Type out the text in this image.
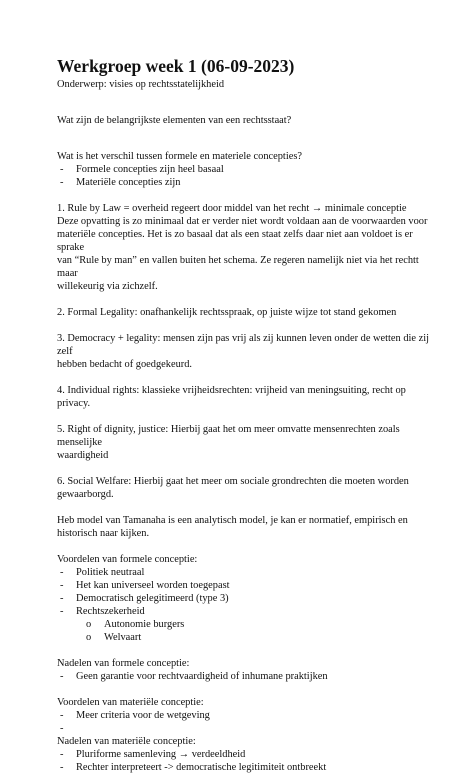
Werkgroep week 1 (06-09-2023)

Onderwerp: visies op rechtsstatelijkheid

Wat zijn de belangrijkste elementen van een rechtsstaat?

Wat is het verschil tussen formele en materiele concepties?

-	Formele concepties zijn heel basaal
-	Materiële concepties zijn

1. Rule by Law = overheid regeert door middel van het recht → minimale conceptie

Deze opvatting is zo minimaal dat er verder niet wordt voldaan aan de voorwaarden voor

materiële concepties. Het is zo basaal dat als een staat zelfs daar niet aan voldoet is er sprake

van “Rule by man” en vallen buiten het schema. Ze regeren namelijk niet via het rechtt maar

willekeurig via zichzelf.

2. Formal Legality: onafhankelijk rechtsspraak, op juiste wijze tot stand gekomen

3. Democracy + legality: mensen zijn pas vrij als zij kunnen leven onder de wetten die zij zelf

hebben bedacht of goedgekeurd.

4. Individual rights: klassieke vrijheidsrechten: vrijheid van meningsuiting, recht op privacy.

5. Right of dignity, justice: Hierbij gaat het om meer omvatte mensenrechten zoals menselijke

waardigheid

6. Social Welfare: Hierbij gaat het meer om sociale grondrechten die moeten worden

gewaarborgd.

Heb model van Tamanaha is een analytisch model, je kan er normatief, empirisch en

historisch naar kijken.

Voordelen van formele conceptie:

-	Politiek neutraal
-	Het kan universeel worden toegepast
-	Democratisch gelegitimeerd (type 3)
-	Rechtszekerheid
o	Autonomie burgers
o	Welvaart

Nadelen van formele conceptie:

-	Geen garantie voor rechtvaardigheid of inhumane praktijken

Voordelen van materiële conceptie:

-	Meer criteria voor de wetgeving
-

Nadelen van materiële conceptie:

-	Pluriforme samenleving → verdeeldheid
-	Rechter interpreteert -> democratische legitimiteit ontbreekt
